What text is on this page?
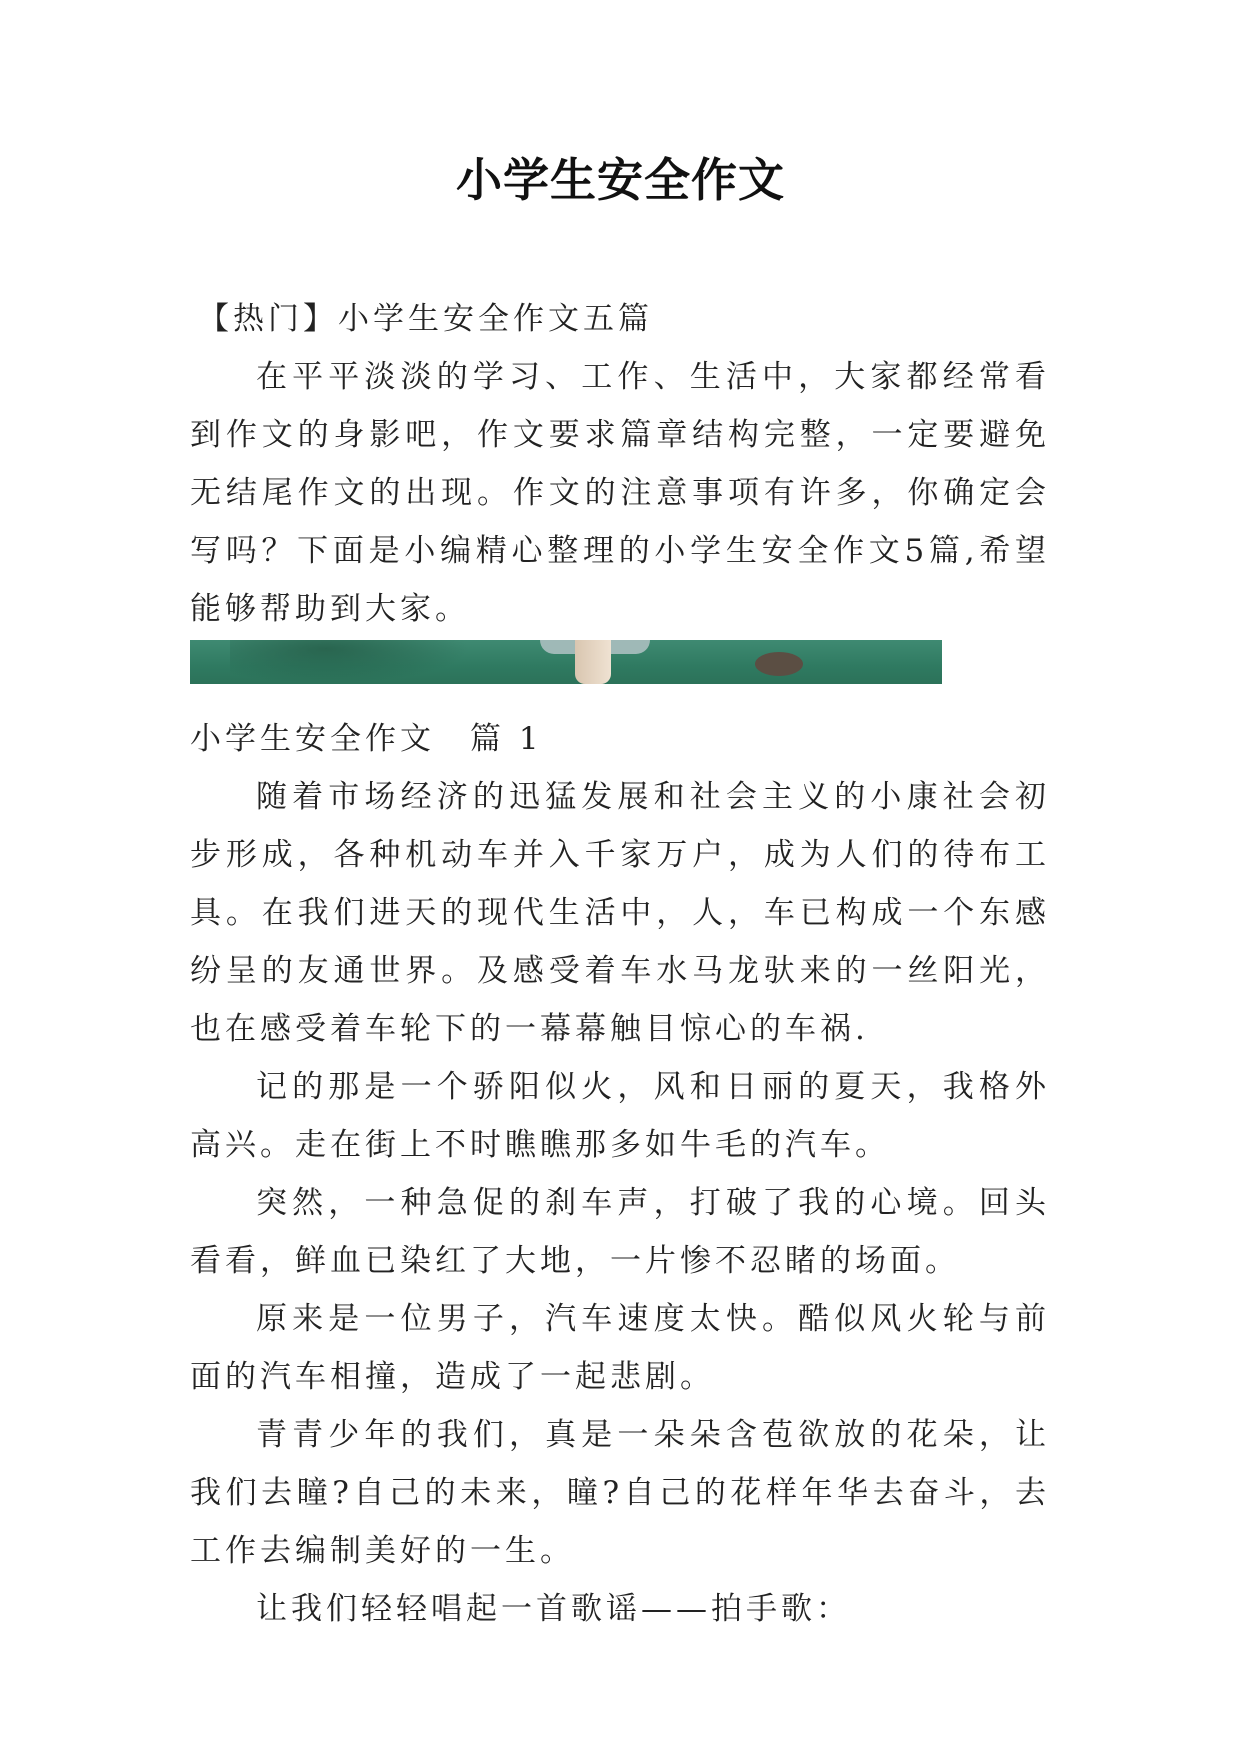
小学生安全作文
【热门】小学生安全作文五篇

在平平淡淡的学习、工作、生活中，大家都经常看到作文的身影吧，作文要求篇章结构完整，一定要避免无结尾作文的出现。作文的注意事项有许多，你确定会写吗？下面是小编精心整理的小学生安全作文5篇,希望能够帮助到大家。

小学生安全作文　篇 1

随着市场经济的迅猛发展和社会主义的小康社会初步形成，各种机动车并入千家万户，成为人们的待布工具。在我们进天的现代生活中，人，车已构成一个东感纷呈的友通世界。及感受着车水马龙驮来的一丝阳光，也在感受着车轮下的一幕幕触目惊心的车祸.

记的那是一个骄阳似火，风和日丽的夏天，我格外高兴。走在街上不时瞧瞧那多如牛毛的汽车。

突然，一种急促的刹车声，打破了我的心境。回头看看，鲜血已染红了大地，一片惨不忍睹的场面。

原来是一位男子，汽车速度太快。酷似风火轮与前面的汽车相撞，造成了一起悲剧。

青青少年的我们，真是一朵朵含苞欲放的花朵，让我们去瞳?自己的未来，瞳?自己的花样年华去奋斗，去工作去编制美好的一生。

让我们轻轻唱起一首歌谣——拍手歌：
